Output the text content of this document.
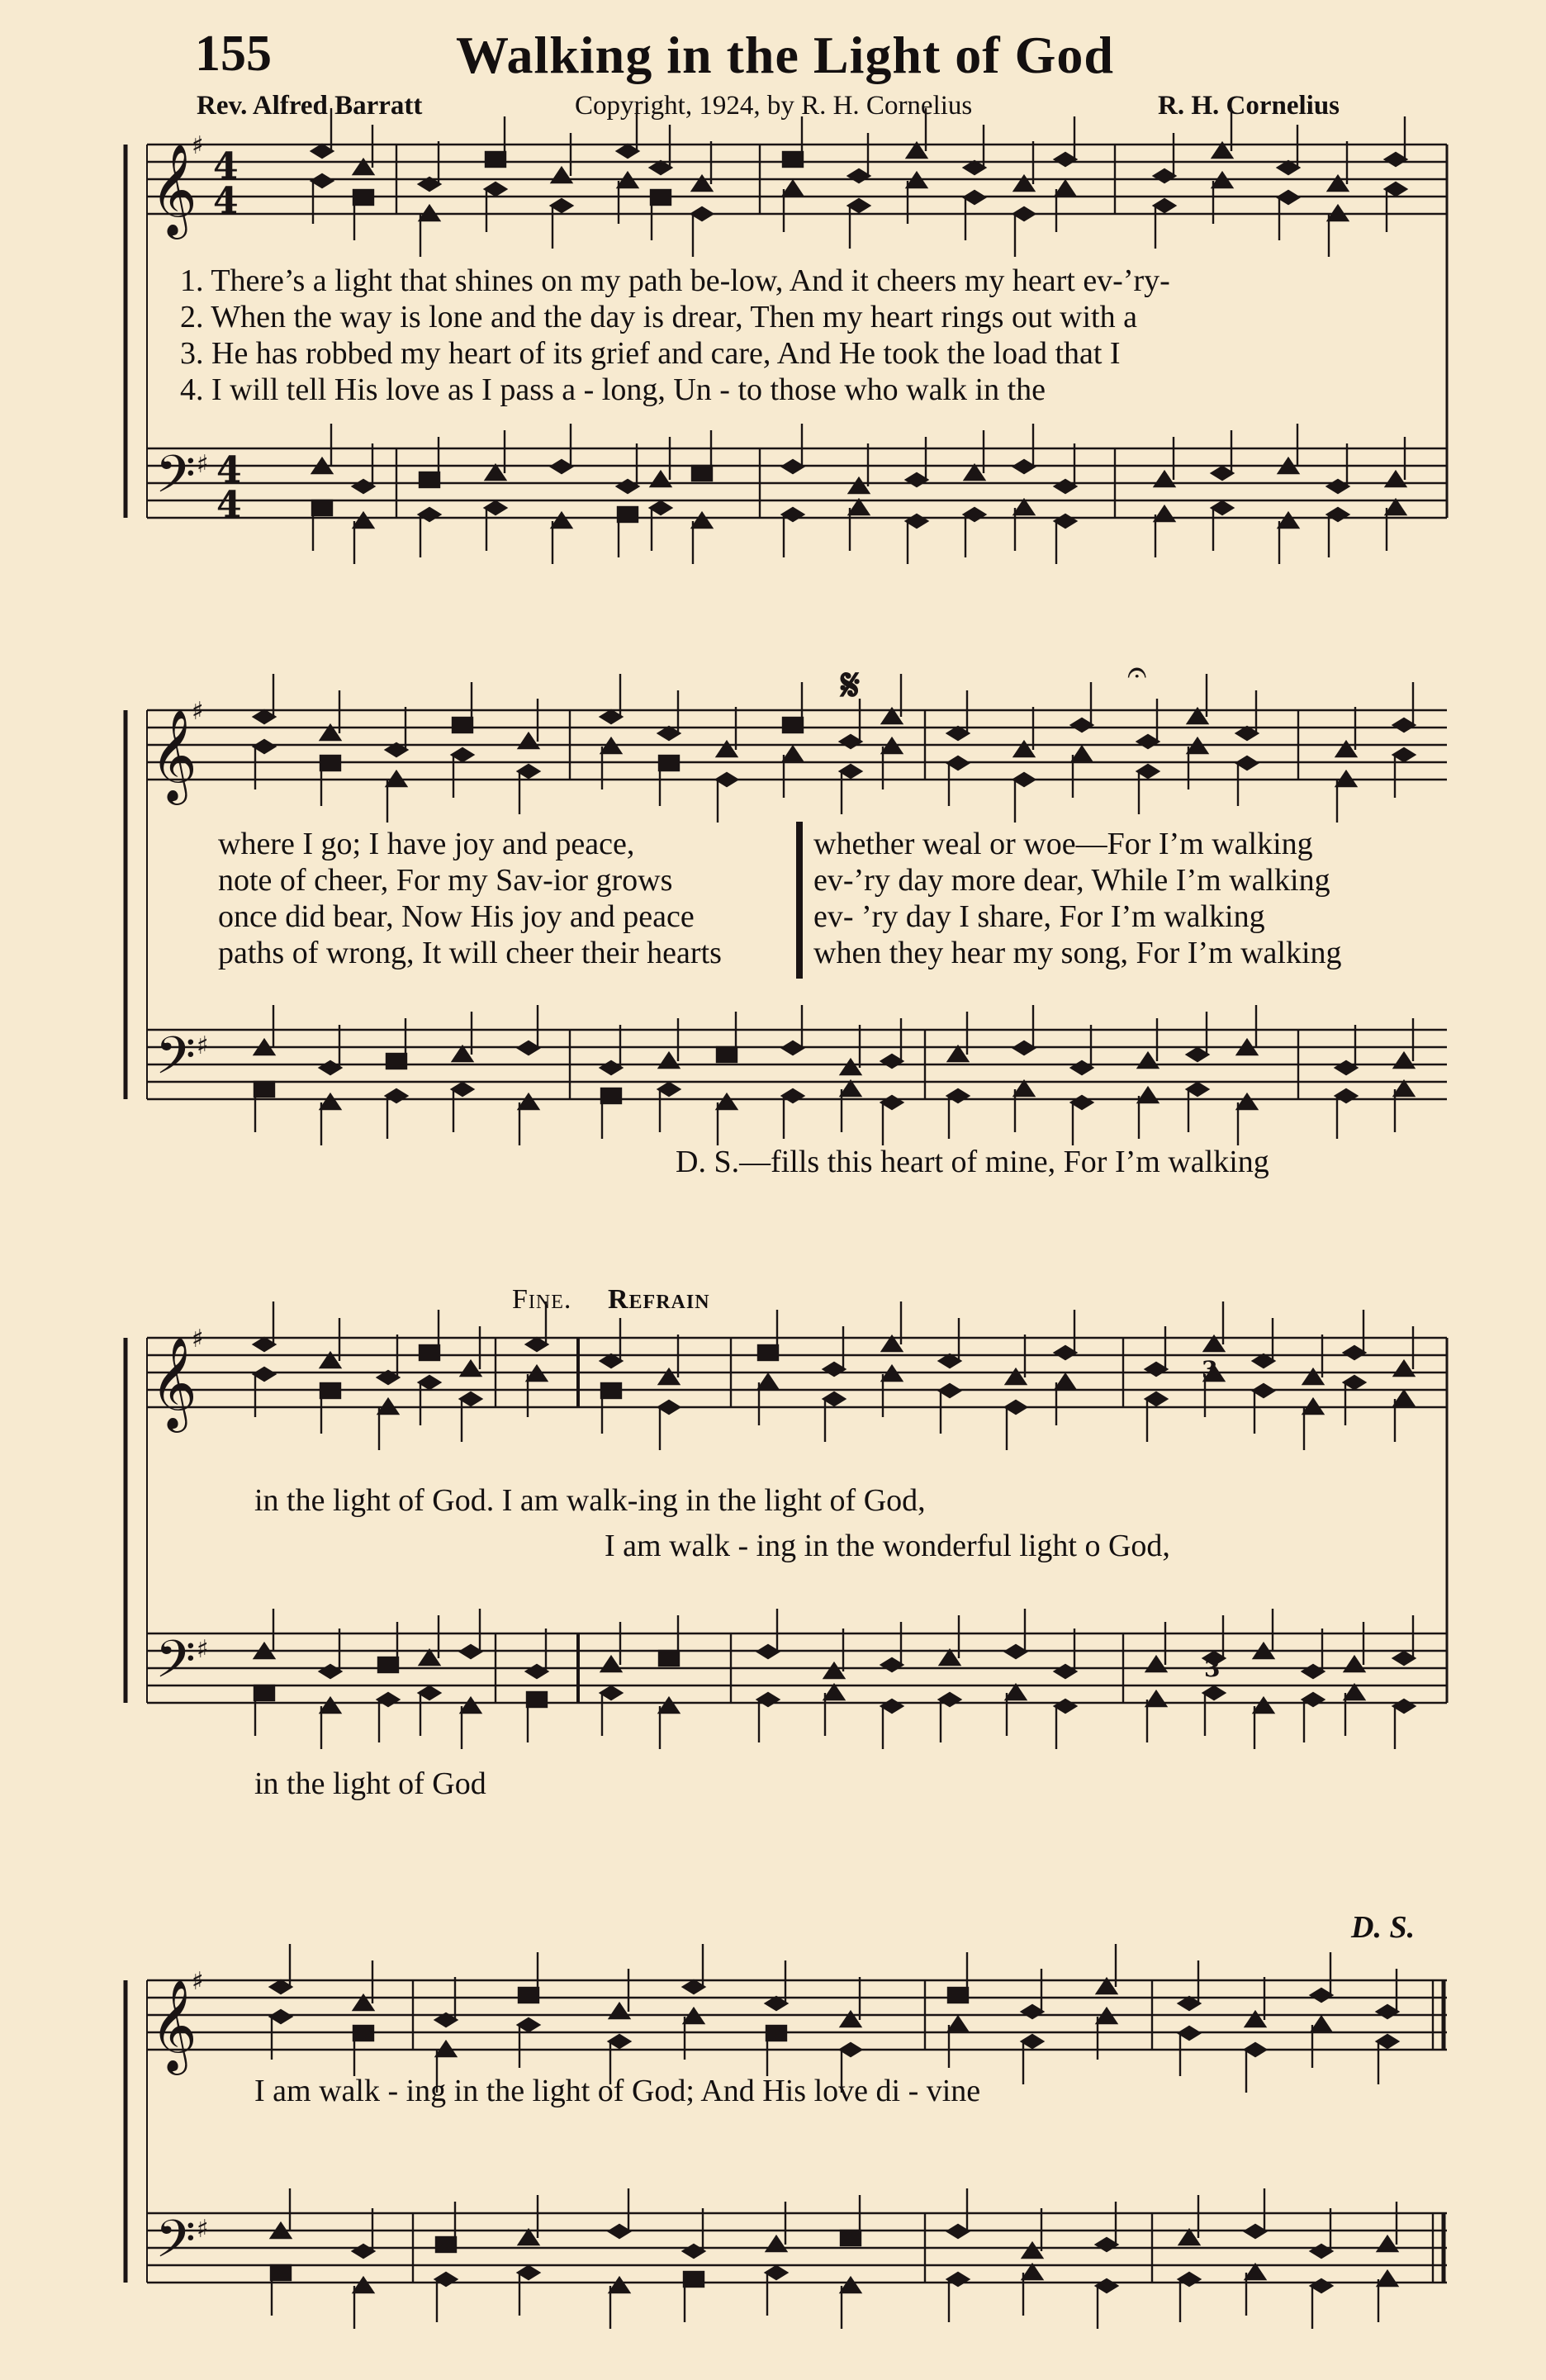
155	Walking in the Light of God
Rev. Alfred Barratt	Copyright, 1924, by R. H. Cornelius	R. H. Cornelius
𝄞
𝄢
𝄞
𝄢
𝄞
𝄢
𝄞
𝄢
♯
♯
♯
♯
♯
♯
♯
♯
4
4
4
4
𝄋	𝄐
3
3
1. There’s a light that shines on my path be-low, And it cheers my heart ev-’ry-
2. When the way is lone and the day is drear, Then my heart rings out with a
3. He has robbed my heart of its grief and care, And He took the load that I
4. I will tell His love as I pass a - long, Un - to those who walk in the
where I go; I have joy and peace,
note of cheer, For my Sav-ior grows
once did bear, Now His joy and peace
paths of wrong, It will cheer their hearts
whether weal or woe—For I’m walking
ev-’ry day more dear, While I’m walking
ev- ’ry day I share, For I’m walking
when they hear my song, For I’m walking
D. S.—fills this heart of mine, For I’m walking
Fine. Refrain
in the light of God. I am walk-ing in the light of God,
I am walk - ing in the wonderful light o God,
in the light of God
D. S.
I am walk - ing in the light of God; And His love di - vine
